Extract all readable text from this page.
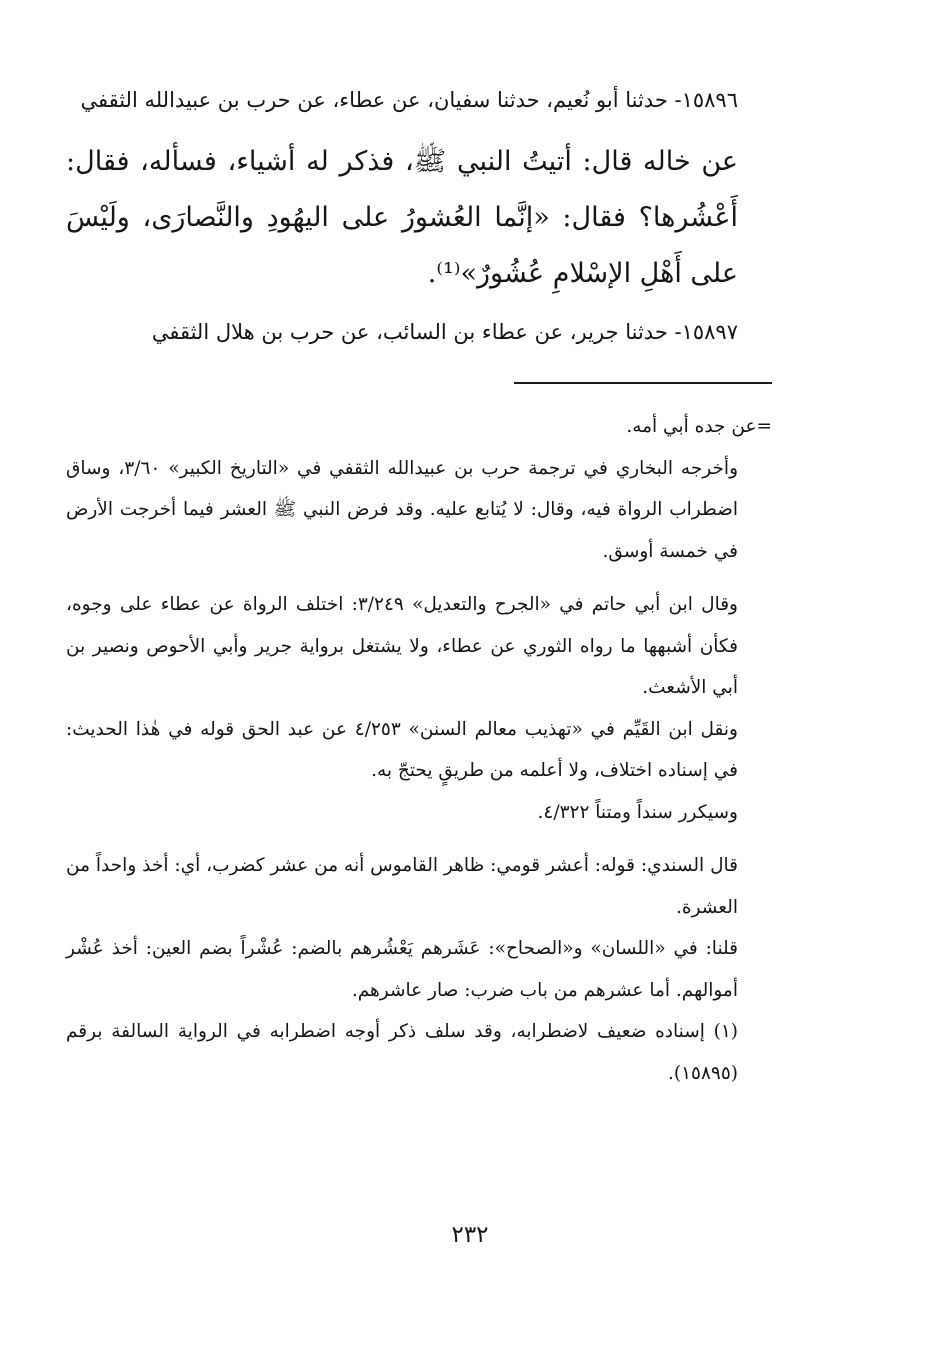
١٥٨٩٦- حدثنا أبو نُعيم، حدثنا سفيان، عن عطاء، عن حرب بن عبيدالله الثقفي
عن خاله قال: أتيتُ النبي ﷺ، فذكر له أشياء، فسأله، فقال: أَعْشُرها؟ فقال: «إنَّما العُشورُ على اليهُودِ والنَّصارَى، ولَيْسَ على أَهْلِ الإسْلامِ عُشُورٌ»⁽¹⁾.
١٥٨٩٧- حدثنا جرير، عن عطاء بن السائب، عن حرب بن هلال الثقفي
=عن جده أبي أمه.
وأخرجه البخاري في ترجمة حرب بن عبيدالله الثقفي في «التاريخ الكبير» ٣/٦٠، وساق اضطراب الرواة فيه، وقال: لا يُتابع عليه. وقد فرض النبي ﷺ العشر فيما أخرجت الأرض في خمسة أوسق.
وقال ابن أبي حاتم في «الجرح والتعديل» ٣/٢٤٩: اختلف الرواة عن عطاء على وجوه، فكأن أشبهها ما رواه الثوري عن عطاء، ولا يشتغل برواية جرير وأبي الأحوص ونصير بن أبي الأشعث.
ونقل ابن القَيِّم في «تهذيب معالم السنن» ٤/٢٥٣ عن عبد الحق قوله في هٰذا الحديث: في إسناده اختلاف، ولا أعلمه من طريقٍ يحتجّ به.
وسيكرر سنداً ومتناً ٤/٣٢٢.
قال السندي: قوله: أعشر قومي: ظاهر القاموس أنه من عشر كضرب، أي: أخذ واحداً من العشرة.
قلنا: في «اللسان» و«الصحاح»: عَشَرهم يَعْشُرهم بالضم: عُشْراً بضم العين: أخذ عُشْر أموالهم. أما عشرهم من باب ضرب: صار عاشرهم.
(١) إسناده ضعيف لاضطرابه، وقد سلف ذكر أوجه اضطرابه في الرواية السالفة برقم (١٥٨٩٥).
٢٣٢
